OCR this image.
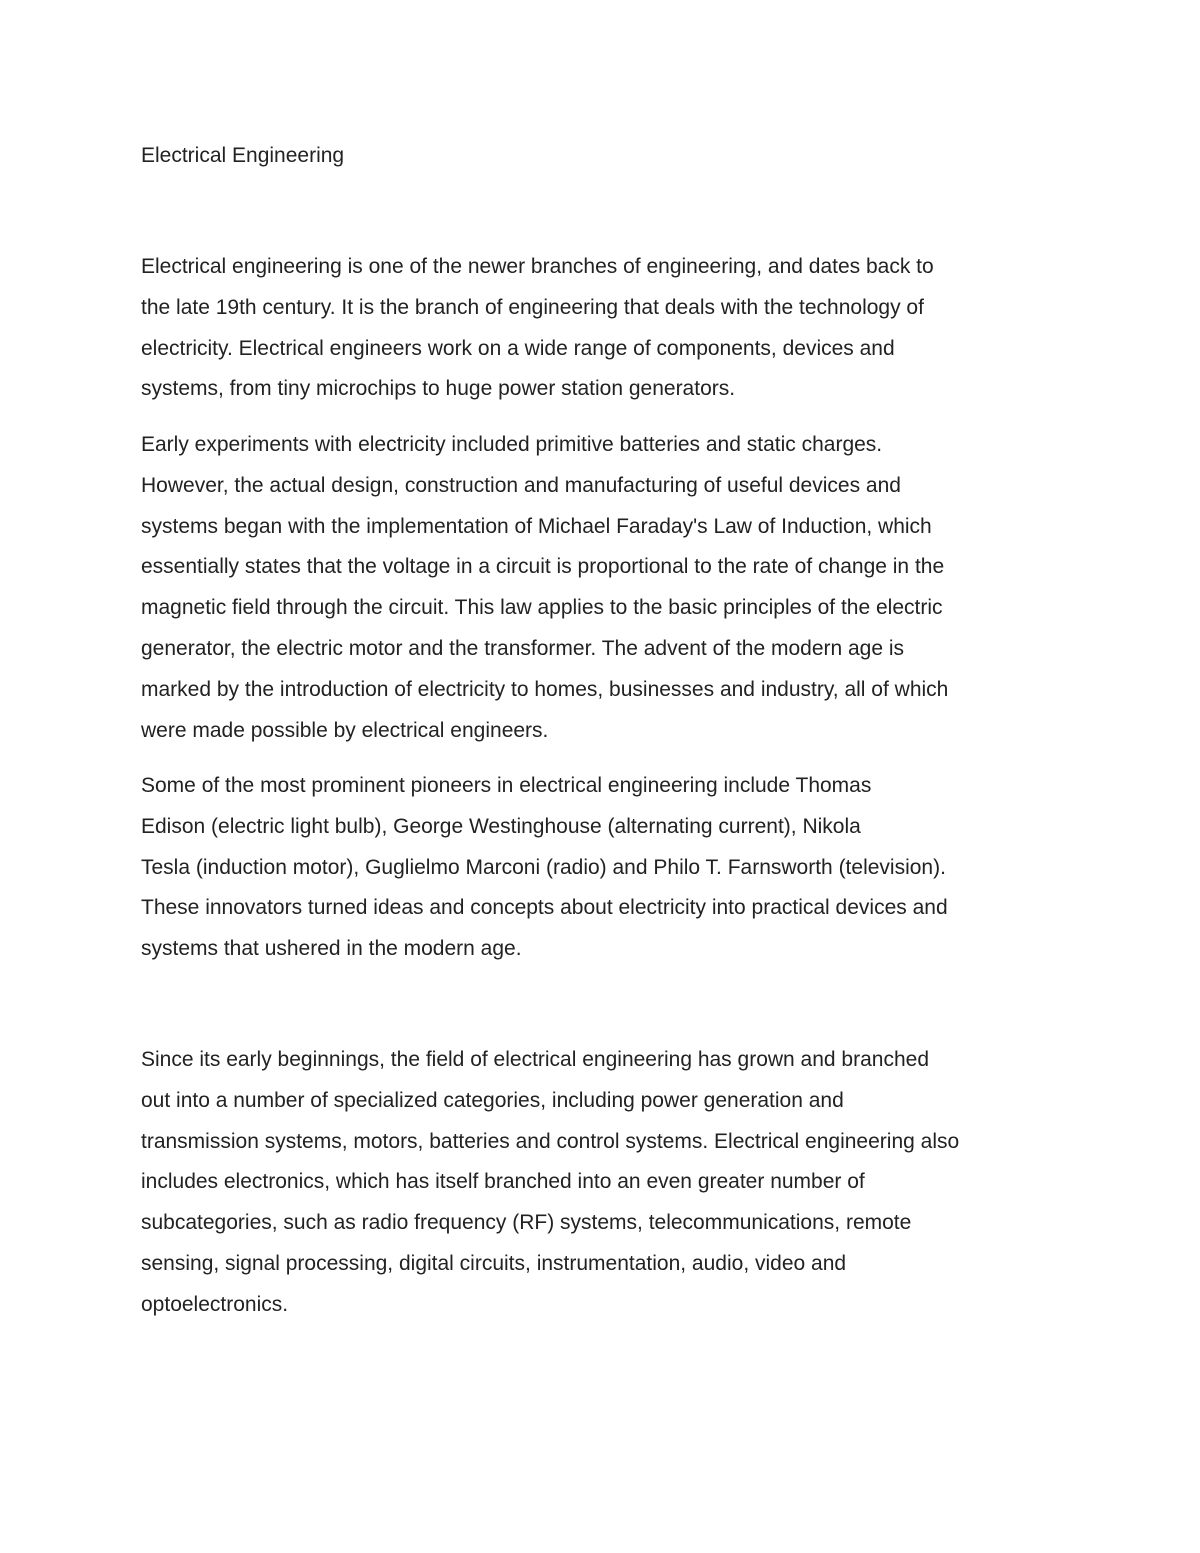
Electrical Engineering

Electrical engineering is one of the newer branches of engineering, and dates back to
the late 19th century. It is the branch of engineering that deals with the technology of
electricity. Electrical engineers work on a wide range of components, devices and
systems, from tiny microchips to huge power station generators.

Early experiments with electricity included primitive batteries and static charges.
However, the actual design, construction and manufacturing of useful devices and
systems began with the implementation of Michael Faraday's Law of Induction, which
essentially states that the voltage in a circuit is proportional to the rate of change in the
magnetic field through the circuit. This law applies to the basic principles of the electric
generator, the electric motor and the transformer. The advent of the modern age is
marked by the introduction of electricity to homes, businesses and industry, all of which
were made possible by electrical engineers.

Some of the most prominent pioneers in electrical engineering include Thomas
Edison (electric light bulb), George Westinghouse (alternating current), Nikola
Tesla (induction motor), Guglielmo Marconi (radio) and Philo T. Farnsworth (television).
These innovators turned ideas and concepts about electricity into practical devices and
systems that ushered in the modern age.

Since its early beginnings, the field of electrical engineering has grown and branched
out into a number of specialized categories, including power generation and
transmission systems, motors, batteries and control systems. Electrical engineering also
includes electronics, which has itself branched into an even greater number of
subcategories, such as radio frequency (RF) systems, telecommunications, remote
sensing, signal processing, digital circuits, instrumentation, audio, video and
optoelectronics.
